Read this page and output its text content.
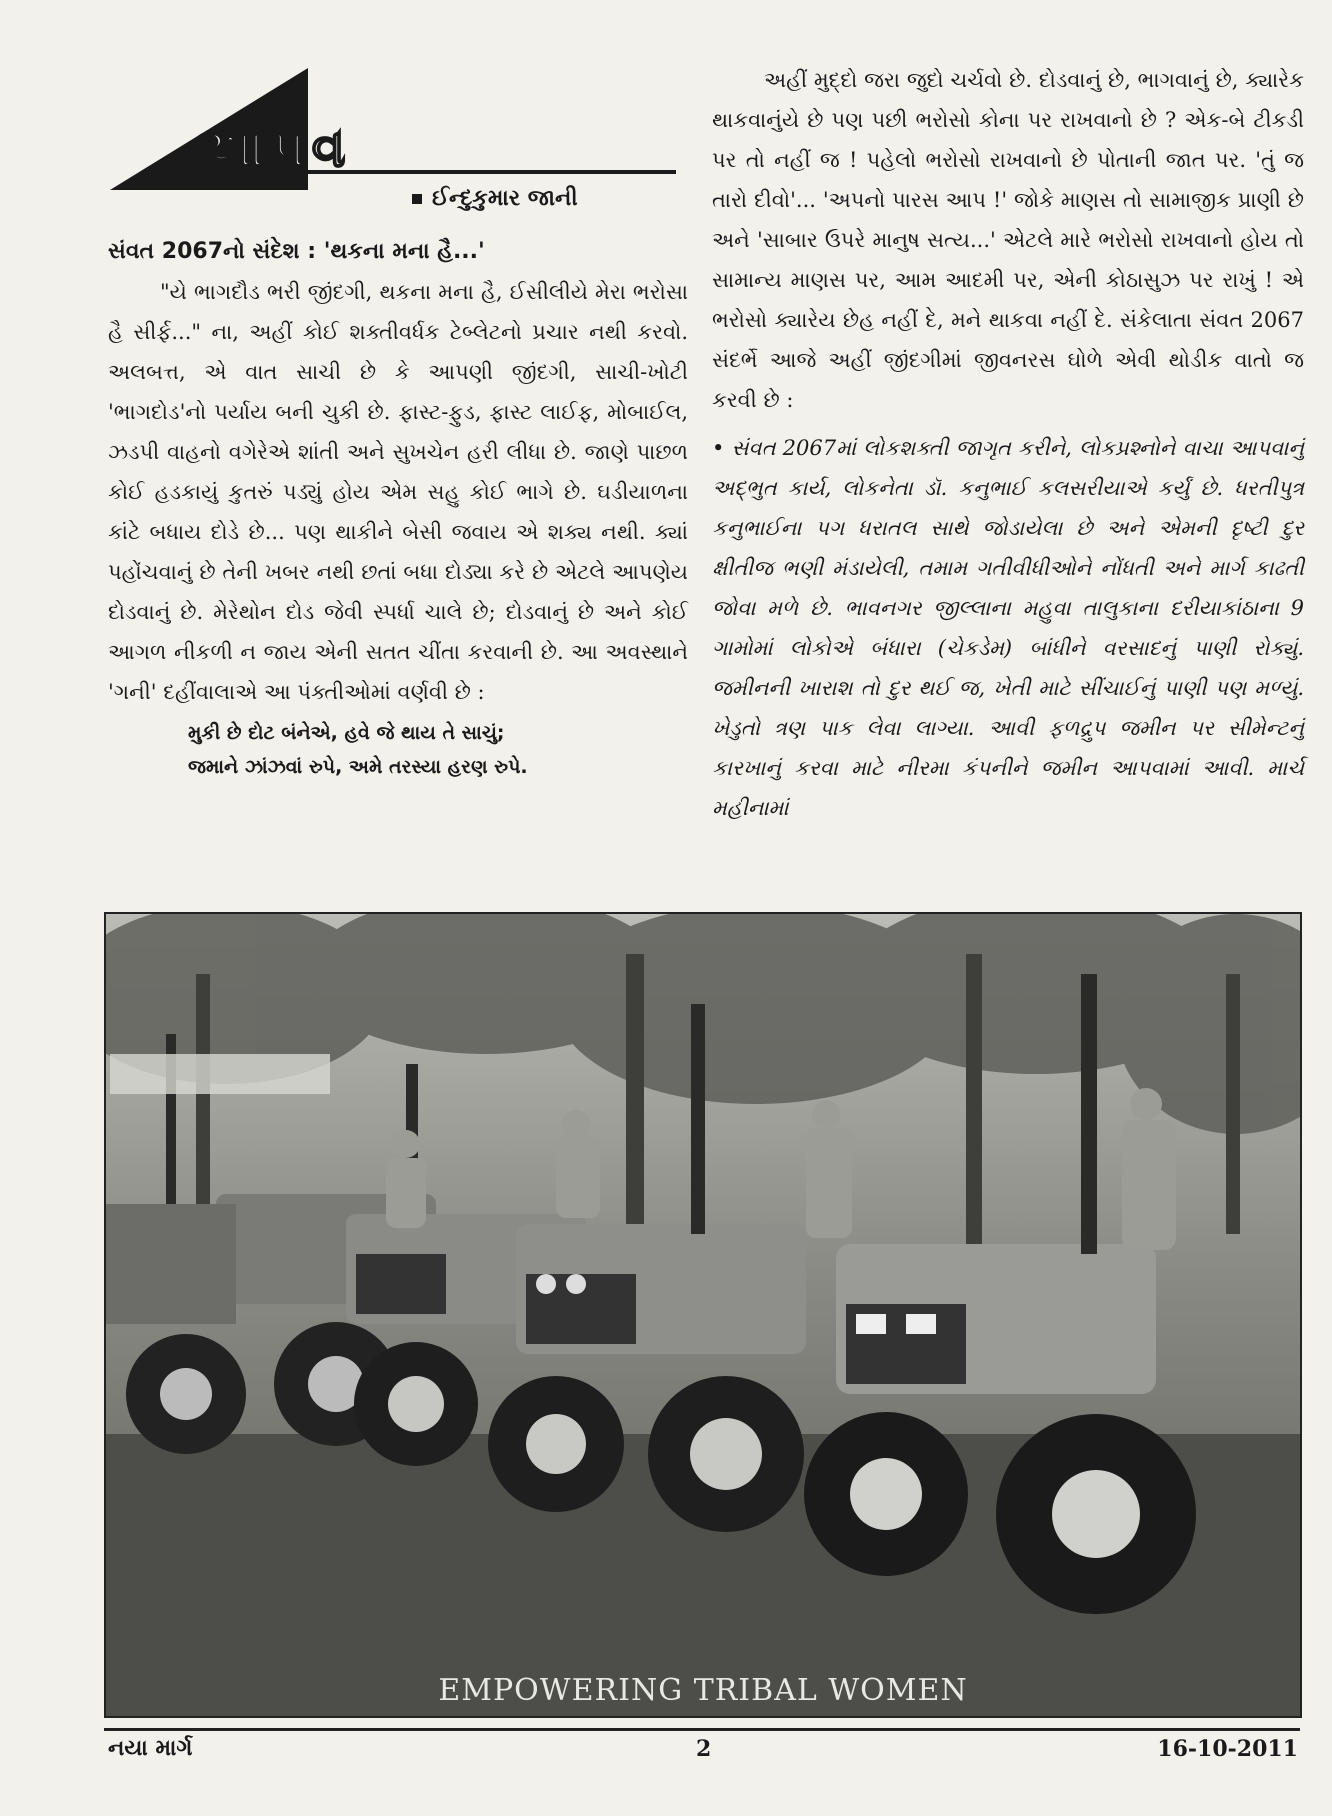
આપ્રવ
ઈન્દુકુમાર જાની

સંવત 2067નો સંદેશ : 'થકના મના હૈ...'

"યે ભાગદૌડ ભરી જીંદગી, થકના મના હૈ, ઈસીલીયે મેરા ભરોસા હૈ સીર્ફ..." ના, અહીં કોઈ શક્તીવર્ધક ટેબ્લેટનો પ્રચાર નથી કરવો. અલબત્ત, એ વાત સાચી છે કે આપણી જીંદગી, સાચી-ખોટી 'ભાગદોડ'નો પર્યાય બની ચુકી છે. ફાસ્ટ-ફુડ, ફાસ્ટ લાઈફ, મોબાઈલ, ઝડપી વાહનો વગેરેએ શાંતી અને સુખચેન હરી લીધા છે. જાણે પાછળ કોઈ હડકાયું કુતરું પડ્યું હોય એમ સહુ કોઈ ભાગે છે. ઘડીયાળના કાંટે બધાય દોડે છે... પણ થાકીને બેસી જવાય એ શક્ય નથી. ક્યાં પહોંચવાનું છે તેની ખબર નથી છતાં બધા દોડ્યા કરે છે એટલે આપણેય દોડવાનું છે. મેરેથોન દોડ જેવી સ્પર્ધા ચાલે છે; દોડવાનું છે અને કોઈ આગળ નીકળી ન જાય એની સતત ચીંતા કરવાની છે. આ અવસ્થાને 'ગની' દહીંવાલાએ આ પંક્તીઓમાં વર્ણવી છે :

મુકી છે દોટ બંનેએ, હવે જે થાય તે સાચું;
જમાને ઝાંઝવાં રુપે, અમે તરસ્યા હરણ રુપે.

અહીં મુદ્દો જરા જુદો ચર્ચવો છે. દોડવાનું છે, ભાગવાનું છે, ક્યારેક થાકવાનુંયે છે પણ પછી ભરોસો કોના પર રાખવાનો છે ? એક-બે ટીકડી પર તો નહીં જ ! પહેલો ભરોસો રાખવાનો છે પોતાની જાત પર. 'તું જ તારો દીવો'... 'અપનો પારસ આપ !' જોકે માણસ તો સામાજીક પ્રાણી છે અને 'સાબાર ઉપરે માનુષ સત્ય...' એટલે મારે ભરોસો રાખવાનો હોય તો સામાન્ય માણસ પર, આમ આદમી પર, એની કોઠાસુઝ પર રાખું ! એ ભરોસો ક્યારેય છેહ નહીં દે, મને થાકવા નહીં દે. સંકેલાતા સંવત 2067 સંદર્ભે આજે અહીં જીંદગીમાં જીવનરસ ઘોળે એવી થોડીક વાતો જ કરવી છે :

• સંવત 2067માં લોકશક્તી જાગૃત કરીને, લોકપ્રશ્નોને વાચા આપવાનું અદ્ભુત કાર્ય, લોકનેતા ડૉ. કનુભાઈ કલસરીયાએ કર્યું છે. ધરતીપુત્ર કનુભાઈના પગ ધરાતલ સાથે જોડાયેલા છે અને એમની દૃષ્ટી દુર ક્ષીતીજ ભણી મંડાયેલી, તમામ ગતીવીધીઓને નોંધતી અને માર્ગ કાઢતી જોવા મળે છે. ભાવનગર જીલ્લાના મહુવા તાલુકાના દરીયાકાંઠાના 9 ગામોમાં લોકોએ બંધારા (ચેકડેમ) બાંધીને વરસાદનું પાણી રોક્યું. જમીનની ખારાશ તો દુર થઈ જ, ખેતી માટે સીંચાઈનું પાણી પણ મળ્યું. ખેડુતો ત્રણ પાક લેવા લાગ્યા. આવી ફળદ્રુપ જમીન પર સીમેન્ટનું કારખાનું કરવા માટે નીરમા કંપનીને જમીન આપવામાં આવી. માર્ચ મહીનામાં

EMPOWERING TRIBAL WOMEN
નયા માર્ગ	2	16-10-2011
